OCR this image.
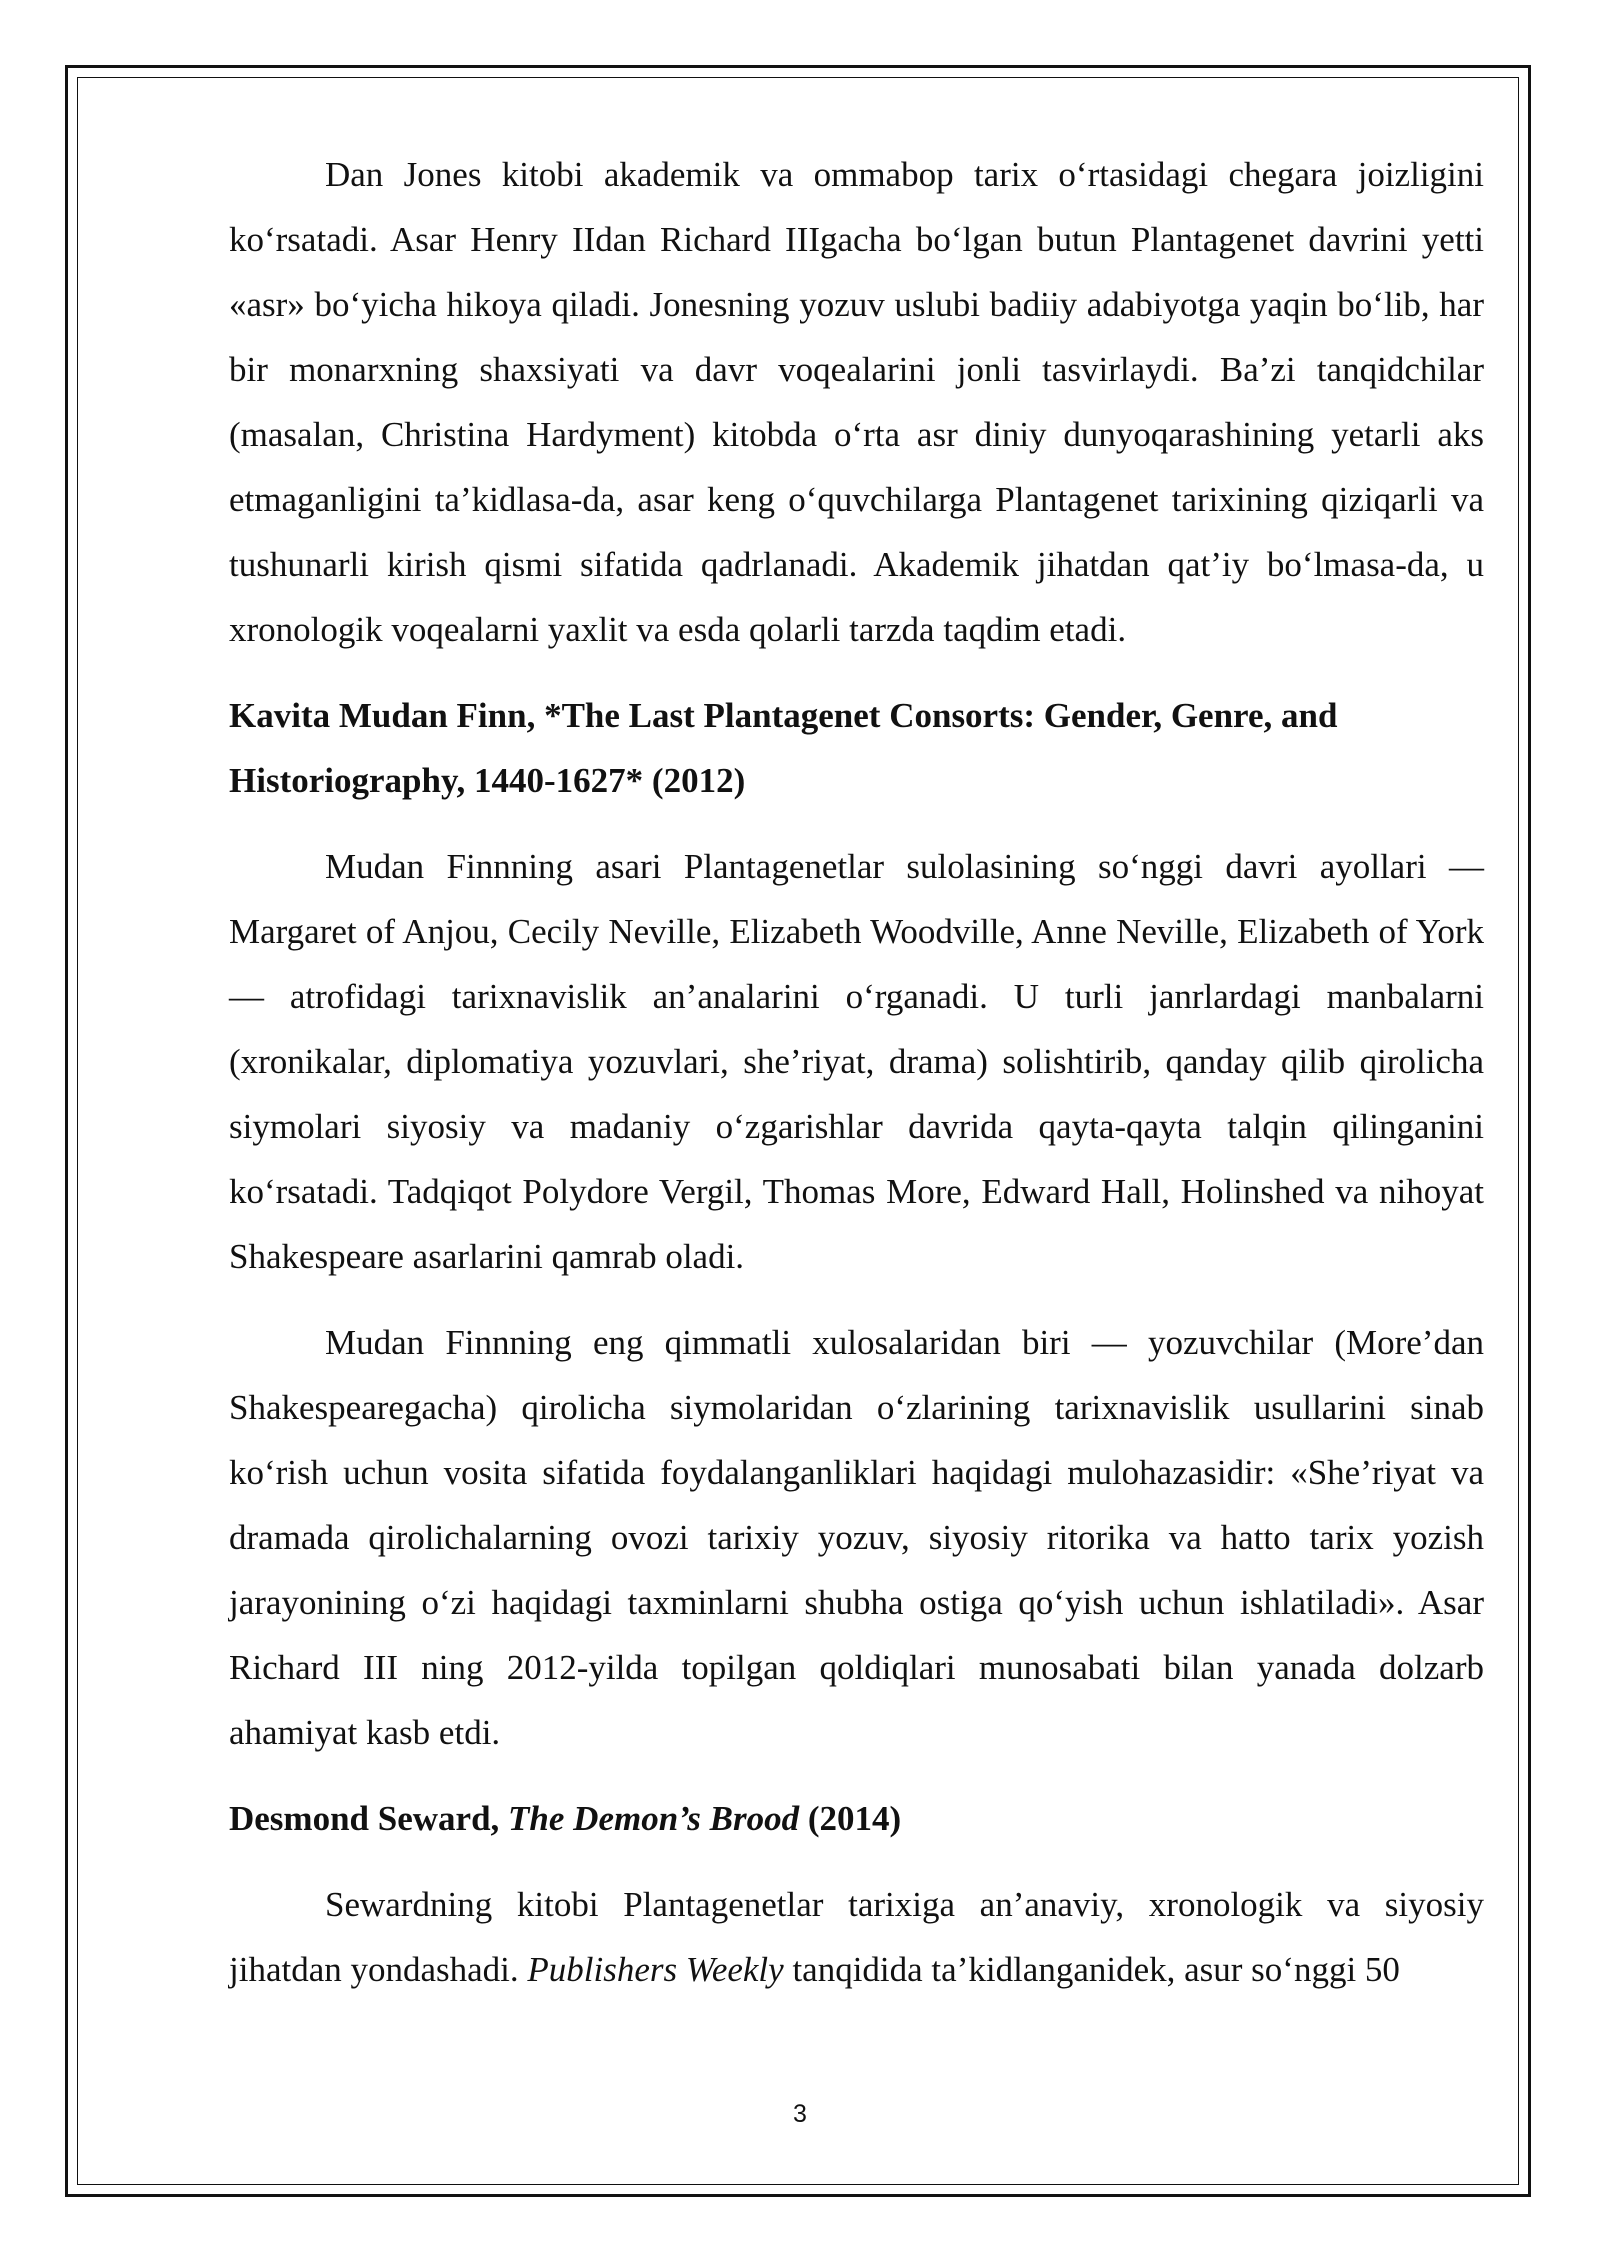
Dan Jones kitobi akademik va ommabop tarix o‘rtasidagi chegara joizligini ko‘rsatadi. Asar Henry IIdan Richard IIIgacha bo‘lgan butun Plantagenet davrini yetti «asr» bo‘yicha hikoya qiladi. Jonesning yozuv uslubi badiiy adabiyotga yaqin bo‘lib, har bir monarxning shaxsiyati va davr voqealarini jonli tasvirlaydi. Ba’zi tanqidchilar (masalan, Christina Hardyment) kitobda o‘rta asr diniy dunyoqarashining yetarli aks etmaganligini ta’kidlasa-da, asar keng o‘quvchilarga Plantagenet tarixining qiziqarli va tushunarli kirish qismi sifatida qadrlanadi. Akademik jihatdan qat’iy bo‘lmasa-da, u xronologik voqealarni yaxlit va esda qolarli tarzda taqdim etadi.

Kavita Mudan Finn, *The Last Plantagenet Consorts: Gender, Genre, and Historiography, 1440-1627* (2012)

Mudan Finnning asari Plantagenetlar sulolasining so‘nggi davri ayollari — Margaret of Anjou, Cecily Neville, Elizabeth Woodville, Anne Neville, Elizabeth of York — atrofidagi tarixnavislik an’analarini o‘rganadi. U turli janrlardagi manbalarni (xronikalar, diplomatiya yozuvlari, she’riyat, drama) solishtirib, qanday qilib qirolicha siymolari siyosiy va madaniy o‘zgarishlar davrida qayta-qayta talqin qilinganini ko‘rsatadi. Tadqiqot Polydore Vergil, Thomas More, Edward Hall, Holinshed va nihoyat Shakespeare asarlarini qamrab oladi.

Mudan Finnning eng qimmatli xulosalaridan biri — yozuvchilar (More’dan Shakespearegacha) qirolicha siymolaridan o‘zlarining tarixnavislik usullarini sinab ko‘rish uchun vosita sifatida foydalanganliklari haqidagi mulohazasidir: «She’riyat va dramada qirolichalarning ovozi tarixiy yozuv, siyosiy ritorika va hatto tarix yozish jarayonining o‘zi haqidagi taxminlarni shubha ostiga qo‘yish uchun ishlatiladi». Asar Richard III ning 2012-yilda topilgan qoldiqlari munosabati bilan yanada dolzarb ahamiyat kasb etdi.

Desmond Seward, The Demon’s Brood (2014)

Sewardning kitobi Plantagenetlar tarixiga an’anaviy, xronologik va siyosiy jihatdan yondashadi. Publishers Weekly tanqidida ta’kidlanganidek, asur so‘nggi 50

3
